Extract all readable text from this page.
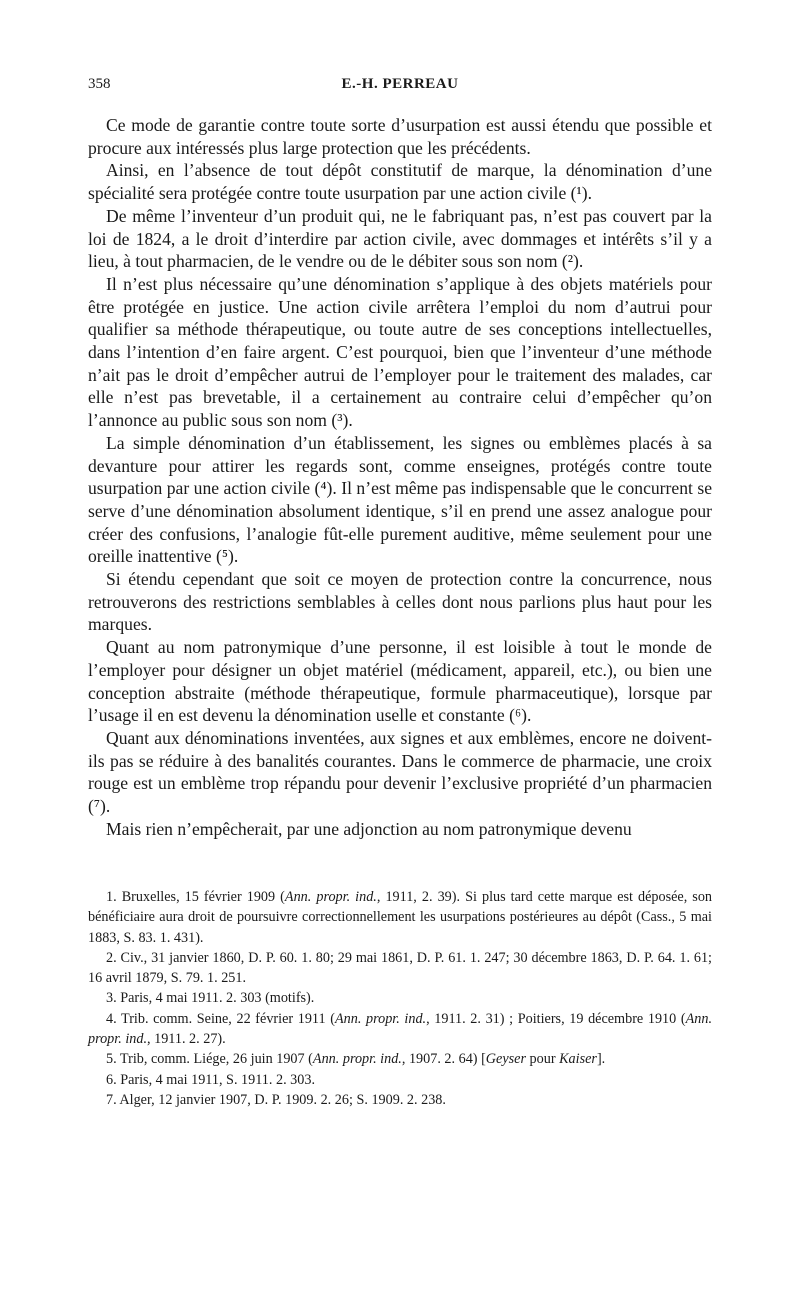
358	E.-H. PERREAU

Ce mode de garantie contre toute sorte d’usurpation est aussi étendu que possible et procure aux intéressés plus large protection que les précédents.

Ainsi, en l’absence de tout dépôt constitutif de marque, la dénomination d’une spécialité sera protégée contre toute usurpation par une action civile (¹).

De même l’inventeur d’un produit qui, ne le fabriquant pas, n’est pas couvert par la loi de 1824, a le droit d’interdire par action civile, avec dommages et intérêts s’il y a lieu, à tout pharmacien, de le vendre ou de le débiter sous son nom (²).

Il n’est plus nécessaire qu’une dénomination s’applique à des objets matériels pour être protégée en justice. Une action civile arrêtera l’emploi du nom d’autrui pour qualifier sa méthode thérapeutique, ou toute autre de ses conceptions intellectuelles, dans l’intention d’en faire argent. C’est pourquoi, bien que l’inventeur d’une méthode n’ait pas le droit d’empêcher autrui de l’employer pour le traitement des malades, car elle n’est pas brevetable, il a certainement au contraire celui d’empêcher qu’on l’annonce au public sous son nom (³).

La simple dénomination d’un établissement, les signes ou emblèmes placés à sa devanture pour attirer les regards sont, comme enseignes, protégés contre toute usurpation par une action civile (⁴). Il n’est même pas indispensable que le concurrent se serve d’une dénomination absolument identique, s’il en prend une assez analogue pour créer des confusions, l’analogie fût-elle purement auditive, même seulement pour une oreille inattentive (⁵).

Si étendu cependant que soit ce moyen de protection contre la concurrence, nous retrouverons des restrictions semblables à celles dont nous parlions plus haut pour les marques.

Quant au nom patronymique d’une personne, il est loisible à tout le monde de l’employer pour désigner un objet matériel (médicament, appareil, etc.), ou bien une conception abstraite (méthode thérapeutique, formule pharmaceutique), lorsque par l’usage il en est devenu la dénomination uselle et constante (⁶).

Quant aux dénominations inventées, aux signes et aux emblèmes, encore ne doivent-ils pas se réduire à des banalités courantes. Dans le commerce de pharmacie, une croix rouge est un emblème trop répandu pour devenir l’exclusive propriété d’un pharmacien (⁷).

Mais rien n’empêcherait, par une adjonction au nom patronymique devenu

1. Bruxelles, 15 février 1909 (Ann. propr. ind., 1911, 2. 39). Si plus tard cette marque est déposée, son bénéficiaire aura droit de poursuivre correctionnellement les usurpations postérieures au dépôt (Cass., 5 mai 1883, S. 83. 1. 431).

2. Civ., 31 janvier 1860, D. P. 60. 1. 80; 29 mai 1861, D. P. 61. 1. 247; 30 décembre 1863, D. P. 64. 1. 61; 16 avril 1879, S. 79. 1. 251.

3. Paris, 4 mai 1911. 2. 303 (motifs).

4. Trib. comm. Seine, 22 février 1911 (Ann. propr. ind., 1911. 2. 31) ; Poitiers, 19 décembre 1910 (Ann. propr. ind., 1911. 2. 27).

5. Trib, comm. Liége, 26 juin 1907 (Ann. propr. ind., 1907. 2. 64) [Geyser pour Kaiser].

6. Paris, 4 mai 1911, S. 1911. 2. 303.

7. Alger, 12 janvier 1907, D. P. 1909. 2. 26; S. 1909. 2. 238.
